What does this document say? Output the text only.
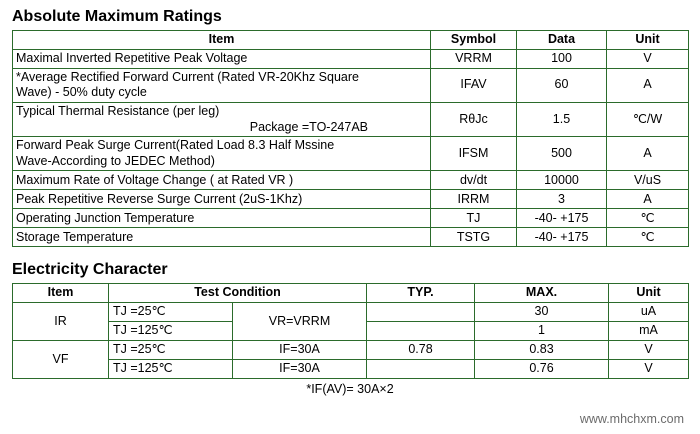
Absolute Maximum Ratings
Item	Symbol	Data	Unit
Maximal Inverted Repetitive Peak Voltage	VRRM	100	V
*Average Rectified Forward Current (Rated VR-20Khz Square
Wave) - 50% duty cycle	IFAV	60	A
Typical Thermal Resistance (per leg)
Package =TO-247AB	RθJc	1.5	℃/W
Forward Peak Surge Current(Rated Load 8.3 Half Mssine
Wave-According to JEDEC Method)	IFSM	500	A
Maximum Rate of Voltage Change ( at Rated VR )	dv/dt	10000	V/uS
Peak Repetitive Reverse Surge Current (2uS-1Khz)	IRRM	3	A
Operating Junction Temperature	TJ	-40- +175	℃
Storage Temperature	TSTG	-40- +175	℃
Electricity Character
Item	Test Condition		TYP.	MAX.	Unit
IR	TJ =25℃	VR=VRRM		30	uA
	TJ =125℃			1	mA
VF	TJ =25℃	IF=30A	0.78	0.83	V
	TJ =125℃	IF=30A		0.76	V
*IF(AV)= 30A×2
www.mhchxm.com
